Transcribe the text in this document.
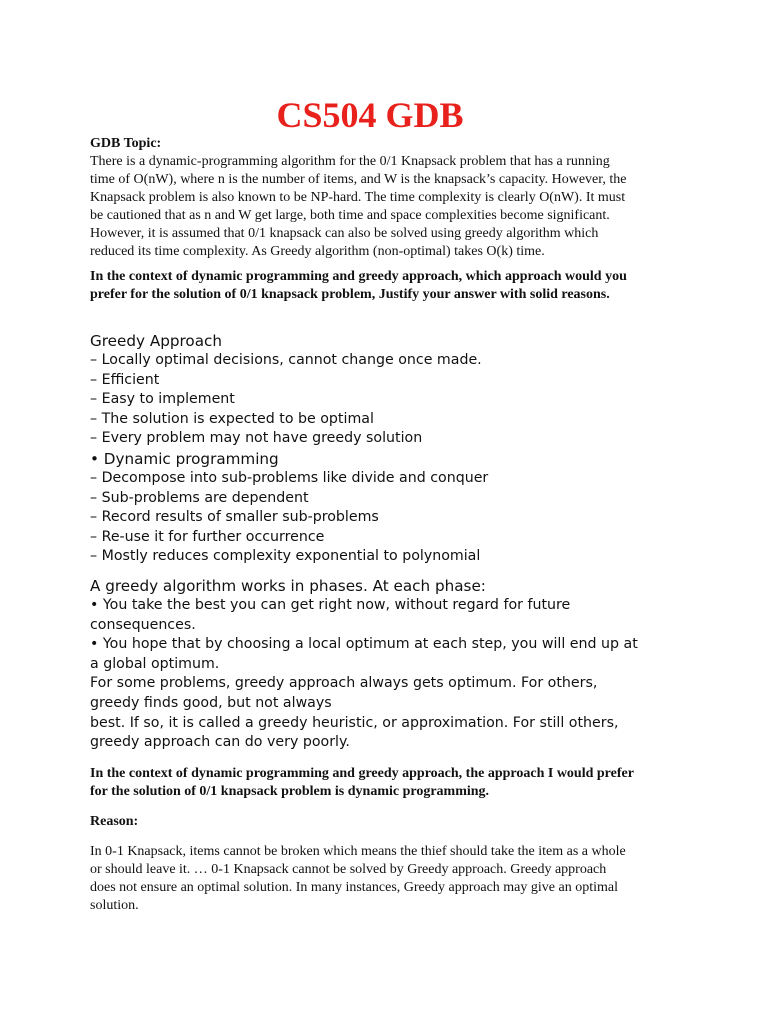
CS504 GDB
GDB Topic:
There is a dynamic-programming algorithm for the 0/1 Knapsack problem that has a running
time of O(nW), where n is the number of items, and W is the knapsack’s capacity. However, the
Knapsack problem is also known to be NP-hard. The time complexity is clearly O(nW). It must
be cautioned that as n and W get large, both time and space complexities become significant.
However, it is assumed that 0/1 knapsack can also be solved using greedy algorithm which
reduced its time complexity. As Greedy algorithm (non-optimal) takes O(k) time.
In the context of dynamic programming and greedy approach, which approach would you
prefer for the solution of 0/1 knapsack problem, Justify your answer with solid reasons.
Greedy Approach
– Locally optimal decisions, cannot change once made.
– Efficient
– Easy to implement
– The solution is expected to be optimal
– Every problem may not have greedy solution
• Dynamic programming
– Decompose into sub-problems like divide and conquer
– Sub-problems are dependent
– Record results of smaller sub-problems
– Re-use it for further occurrence
– Mostly reduces complexity exponential to polynomial
A greedy algorithm works in phases. At each phase:
• You take the best you can get right now, without regard for future
consequences.
• You hope that by choosing a local optimum at each step, you will end up at
a global optimum.
For some problems, greedy approach always gets optimum. For others,
greedy finds good, but not always
best. If so, it is called a greedy heuristic, or approximation. For still others,
greedy approach can do very poorly.
In the context of dynamic programming and greedy approach, the approach I would prefer
for the solution of 0/1 knapsack problem is dynamic programming.
Reason:
In 0-1 Knapsack, items cannot be broken which means the thief should take the item as a whole
or should leave it. … 0-1 Knapsack cannot be solved by Greedy approach. Greedy approach
does not ensure an optimal solution. In many instances, Greedy approach may give an optimal
solution.
